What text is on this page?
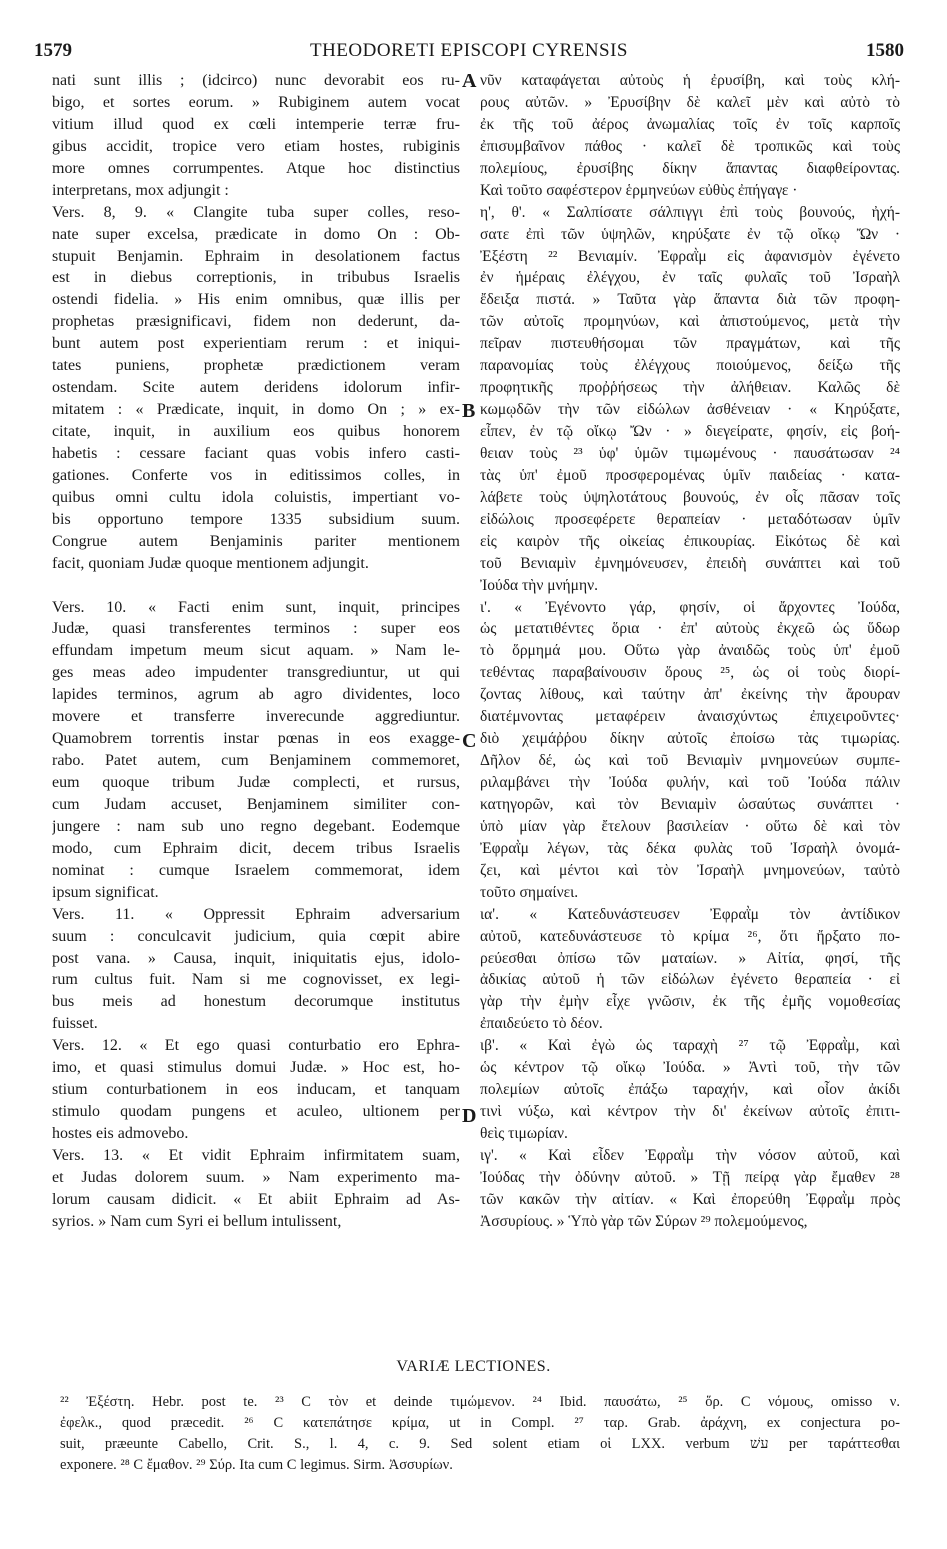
1579	THEODORETI EPISCOPI CYRENSIS	1580
nati sunt illis ; (idcirco) nunc devorabit eos ru-
bigo, et sortes eorum. » Rubiginem autem vocat
vitium illud quod ex cœli intemperie terræ fru-
gibus accidit, tropice vero etiam hostes, rubiginis
more omnes corrumpentes. Atque hoc distinctius
interpretans, mox adjungit :
Vers. 8, 9. « Clangite tuba super colles, reso-
nate super excelsa, prædicate in domo On : Ob-
stupuit Benjamin. Ephraim in desolationem factus
est in diebus correptionis, in tribubus Israelis
ostendi fidelia. » His enim omnibus, quæ illis per
prophetas præsignificavi, fidem non dederunt, da-
bunt autem post experientiam rerum : et iniqui-
tates puniens, prophetæ prædictionem veram
ostendam. Scite autem deridens idolorum infir-
mitatem : « Prædicate, inquit, in domo On ; » ex-
citate, inquit, in auxilium eos quibus honorem
habetis : cessare faciant quas vobis infero casti-
gationes. Conferte vos in editissimos colles, in
quibus omni cultu idola coluistis, impertiant vo-
bis opportuno tempore 1335 subsidium suum.
Congrue autem Benjaminis pariter mentionem
facit, quoniam Judæ quoque mentionem adjungit.
Vers. 10. « Facti enim sunt, inquit, principes
Judæ, quasi transferentes terminos : super eos
effundam impetum meum sicut aquam. » Nam le-
ges meas adeo impudenter transgrediuntur, ut qui
lapides terminos, agrum ab agro dividentes, loco
movere et transferre inverecunde aggrediuntur.
Quamobrem torrentis instar pœnas in eos exagge-
rabo. Patet autem, cum Benjaminem commemoret,
eum quoque tribum Judæ complecti, et rursus,
cum Judam accuset, Benjaminem similiter con-
jungere : nam sub uno regno degebant. Eodemque
modo, cum Ephraim dicit, decem tribus Israelis
nominat : cumque Israelem commemorat, idem
ipsum significat.
Vers. 11. « Oppressit Ephraim adversarium
suum : conculcavit judicium, quia cœpit abire
post vana. » Causa, inquit, iniquitatis ejus, idolo-
rum cultus fuit. Nam si me cognovisset, ex legi-
bus meis ad honestum decorumque institutus
fuisset.
Vers. 12. « Et ego quasi conturbatio ero Ephra-
imo, et quasi stimulus domui Judæ. » Hoc est, ho-
stium conturbationem in eos inducam, et tanquam
stimulo quodam pungens et aculeo, ultionem per
hostes eis admovebo.
Vers. 13. « Et vidit Ephraim infirmitatem suam,
et Judas dolorem suum. » Nam experimento ma-
lorum causam didicit. « Et abiit Ephraim ad As-
syrios. » Nam cum Syri ei bellum intulissent,
νῦν καταφάγεται αὐτοὺς ἡ ἐρυσίβη, καὶ τοὺς κλή-
ρους αὐτῶν. » Ἐρυσίβην δὲ καλεῖ μὲν καὶ αὐτὸ τὸ
ἐκ τῆς τοῦ ἀέρος ἀνωμαλίας τοῖς ἐν τοῖς καρποῖς
ἐπισυμβαῖνον πάθος · καλεῖ δὲ τροπικῶς καὶ τοὺς
πολεμίους, ἐρυσίβης δίκην ἅπαντας διαφθείροντας.
Καὶ τοῦτο σαφέστερον ἑρμηνεύων εὐθὺς ἐπήγαγε ·
η', θ'. « Σαλπίσατε σάλπιγγι ἐπὶ τοὺς βουνούς, ἠχή-
σατε ἐπὶ τῶν ὑψηλῶν, κηρύξατε ἐν τῷ οἴκῳ Ὤν ·
Ἐξέστη ²² Βενιαμίν. Ἐφραῒμ εἰς ἀφανισμὸν ἐγένετο
ἐν ἡμέραις ἐλέγχου, ἐν ταῖς φυλαῖς τοῦ Ἰσραὴλ
ἔδειξα πιστά. » Ταῦτα γὰρ ἅπαντα διὰ τῶν προφη-
τῶν αὐτοῖς προμηνύων, καὶ ἀπιστούμενος, μετὰ τὴν
πεῖραν πιστευθήσομαι τῶν πραγμάτων, καὶ τῆς
παρανομίας τοὺς ἐλέγχους ποιούμενος, δείξω τῆς
προφητικῆς προῤῥήσεως τὴν ἀλήθειαν. Καλῶς δὲ
κωμῳδῶν τὴν τῶν εἰδώλων ἀσθένειαν · « Κηρύξατε,
εἶπεν, ἐν τῷ οἴκῳ Ὤν · » διεγείρατε, φησίν, εἰς βοή-
θειαν τοὺς ²³ ὑφ' ὑμῶν τιμωμένους · παυσάτωσαν ²⁴
τὰς ὑπ' ἐμοῦ προσφερομένας ὑμῖν παιδείας · κατα-
λάβετε τοὺς ὑψηλοτάτους βουνούς, ἐν οἷς πᾶσαν τοῖς
εἰδώλοις προσεφέρετε θεραπείαν · μεταδότωσαν ὑμῖν
εἰς καιρὸν τῆς οἰκείας ἐπικουρίας. Εἰκότως δὲ καὶ
τοῦ Βενιαμὶν ἐμνημόνευσεν, ἐπειδὴ συνάπτει καὶ τοῦ
Ἰούδα τὴν μνήμην.
ι'. « Ἐγένοντο γάρ, φησίν, οἱ ἄρχοντες Ἰούδα,
ὡς μετατιθέντες ὅρια · ἐπ' αὐτοὺς ἐκχεῶ ὡς ὕδωρ
τὸ ὅρμημά μου. Οὕτω γὰρ ἀναιδῶς τοὺς ὑπ' ἐμοῦ
τεθέντας παραβαίνουσιν ὅρους ²⁵, ὡς οἱ τοὺς διορί-
ζοντας λίθους, καὶ ταύτην ἀπ' ἐκείνης τὴν ἄρουραν
διατέμνοντας μεταφέρειν ἀναισχύντως ἐπιχειροῦντες·
διὸ χειμάῤῥου δίκην αὐτοῖς ἐποίσω τὰς τιμωρίας.
Δῆλον δέ, ὡς καὶ τοῦ Βενιαμὶν μνημονεύων συμπε-
ριλαμβάνει τὴν Ἰούδα φυλήν, καὶ τοῦ Ἰούδα πάλιν
κατηγορῶν, καὶ τὸν Βενιαμὶν ὡσαύτως συνάπτει ·
ὑπὸ μίαν γὰρ ἔτελουν βασιλείαν · οὕτω δὲ καὶ τὸν
Ἐφραῒμ λέγων, τὰς δέκα φυλὰς τοῦ Ἰσραὴλ ὀνομά-
ζει, καὶ μέντοι καὶ τὸν Ἰσραὴλ μνημονεύων, ταὐτὸ
τοῦτο σημαίνει.
ια'. « Κατεδυνάστευσεν Ἐφραῒμ τὸν ἀντίδικον
αὐτοῦ, κατεδυνάστευσε τὸ κρίμα ²⁶, ὅτι ἤρξατο πο-
ρεύεσθαι ὀπίσω τῶν ματαίων. » Αἰτία, φησί, τῆς
ἀδικίας αὐτοῦ ἡ τῶν εἰδώλων ἐγένετο θεραπεία · εἰ
γὰρ τὴν ἐμὴν εἶχε γνῶσιν, ἐκ τῆς ἐμῆς νομοθεσίας
ἐπαιδεύετο τὸ δέον.
ιβ'. « Καὶ ἐγὼ ὡς ταραχὴ ²⁷ τῷ Ἐφραῒμ, καὶ
ὡς κέντρον τῷ οἴκῳ Ἰούδα. » Ἀντὶ τοῦ, τὴν τῶν
πολεμίων αὐτοῖς ἐπάξω ταραχήν, καὶ οἷον ἀκίδι
τινὶ νύξω, καὶ κέντρον τὴν δι' ἐκείνων αὐτοῖς ἐπιτι-
θεὶς τιμωρίαν.
ιγ'. « Καὶ εἶδεν Ἐφραῒμ τὴν νόσον αὐτοῦ, καὶ
Ἰούδας τὴν ὀδύνην αὐτοῦ. » Τῇ πείρᾳ γὰρ ἔμαθεν ²⁸
τῶν κακῶν τὴν αἰτίαν. « Καὶ ἐπορεύθη Ἐφραῒμ πρὸς
Ἀσσυρίους. » Ὑπὸ γὰρ τῶν Σύρων ²⁹ πολεμούμενος,
A
B
C
D
VARIÆ LECTIONES.
²² Ἐξέστη. Hebr. post te. ²³ C τὸν et deinde τιμώμενον. ²⁴ Ibid. παυσάτω, ²⁵ ὅρ. C νόμους, omisso ν.
ἐφελκ., quod præcedit. ²⁶ C κατεπάτησε κρίμα, ut in Compl. ²⁷ ταρ. Grab. ἀράχνη, ex conjectura po-
suit, præeunte Cabello, Crit. S., l. 4, c. 9. Sed solent etiam οἱ LXX. verbum עשׁ per ταράττεσθαι
exponere. ²⁸ C ἔμαθον. ²⁹ Σύρ. Ita cum C legimus. Sirm. Ἀσσυρίων.
